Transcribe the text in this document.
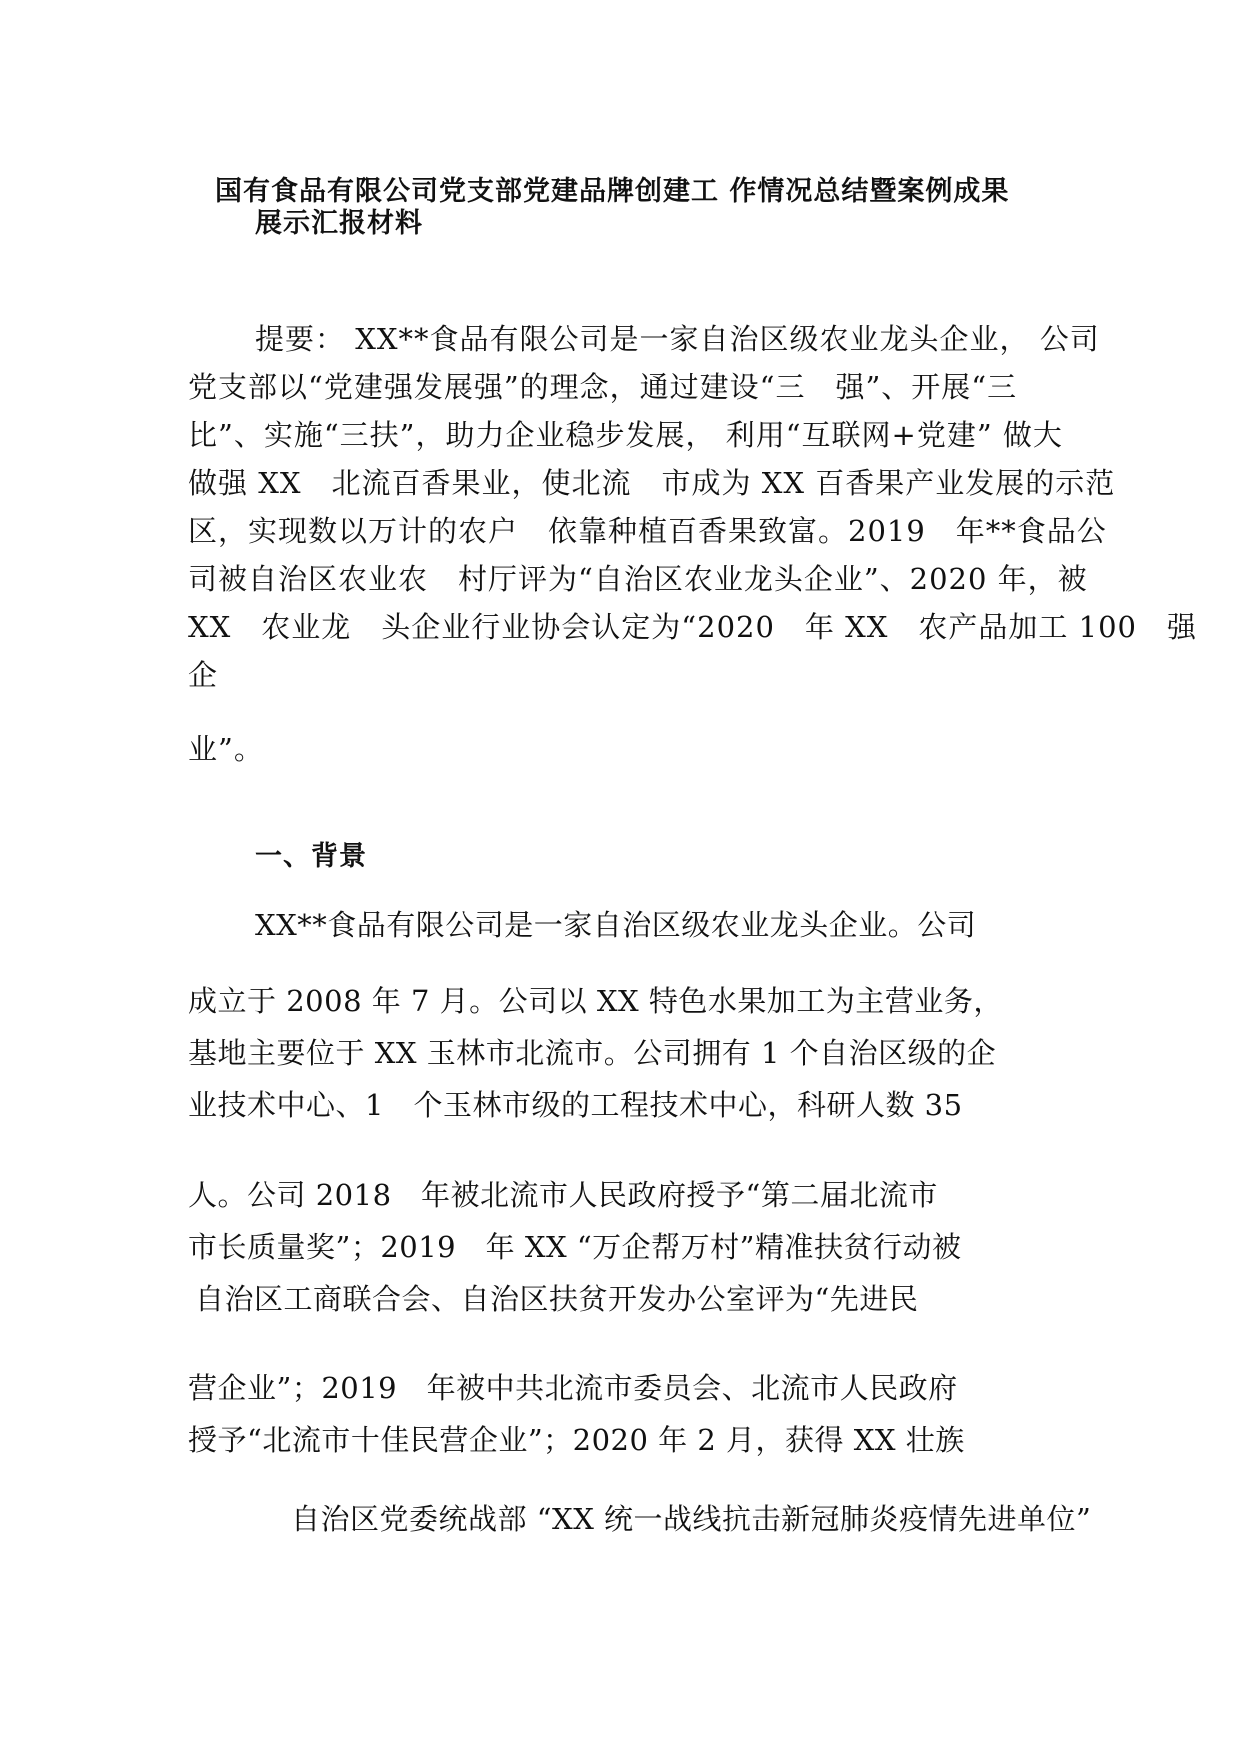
国有食品有限公司党支部党建品牌创建工 作情况总结暨案例成果
展示汇报材料
提要： XX**食品有限公司是一家自治区级农业龙头企业， 公司
党支部以“党建强发展强”的理念，通过建设“三　强”、开展“三
比”、实施“三扶”，助力企业稳步发展， 利用“互联网+党建” 做大
做强 XX　北流百香果业，使北流　市成为 XX 百香果产业发展的示范
区，实现数以万计的农户　依靠种植百香果致富。2019　年**食品公
司被自治区农业农　村厅评为“自治区农业龙头企业”、2020 年，被
XX　农业龙　头企业行业协会认定为“2020　年 XX　农产品加工 100　强
企
业”。
一、背景
XX**食品有限公司是一家自治区级农业龙头企业。公司
成立于 2008 年 7 月。公司以 XX 特色水果加工为主营业务，
基地主要位于 XX 玉林市北流市。公司拥有 1 个自治区级的企
业技术中心、1　个玉林市级的工程技术中心，科研人数 35
人。公司 2018　年被北流市人民政府授予“第二届北流市
市长质量奖”；2019　年 XX “万企帮万村”精准扶贫行动被
自治区工商联合会、自治区扶贫开发办公室评为“先进民
营企业”；2019　年被中共北流市委员会、北流市人民政府
授予“北流市十佳民营企业”；2020 年 2 月，获得 XX 壮族
自治区党委统战部 “XX 统一战线抗击新冠肺炎疫情先进单位”
